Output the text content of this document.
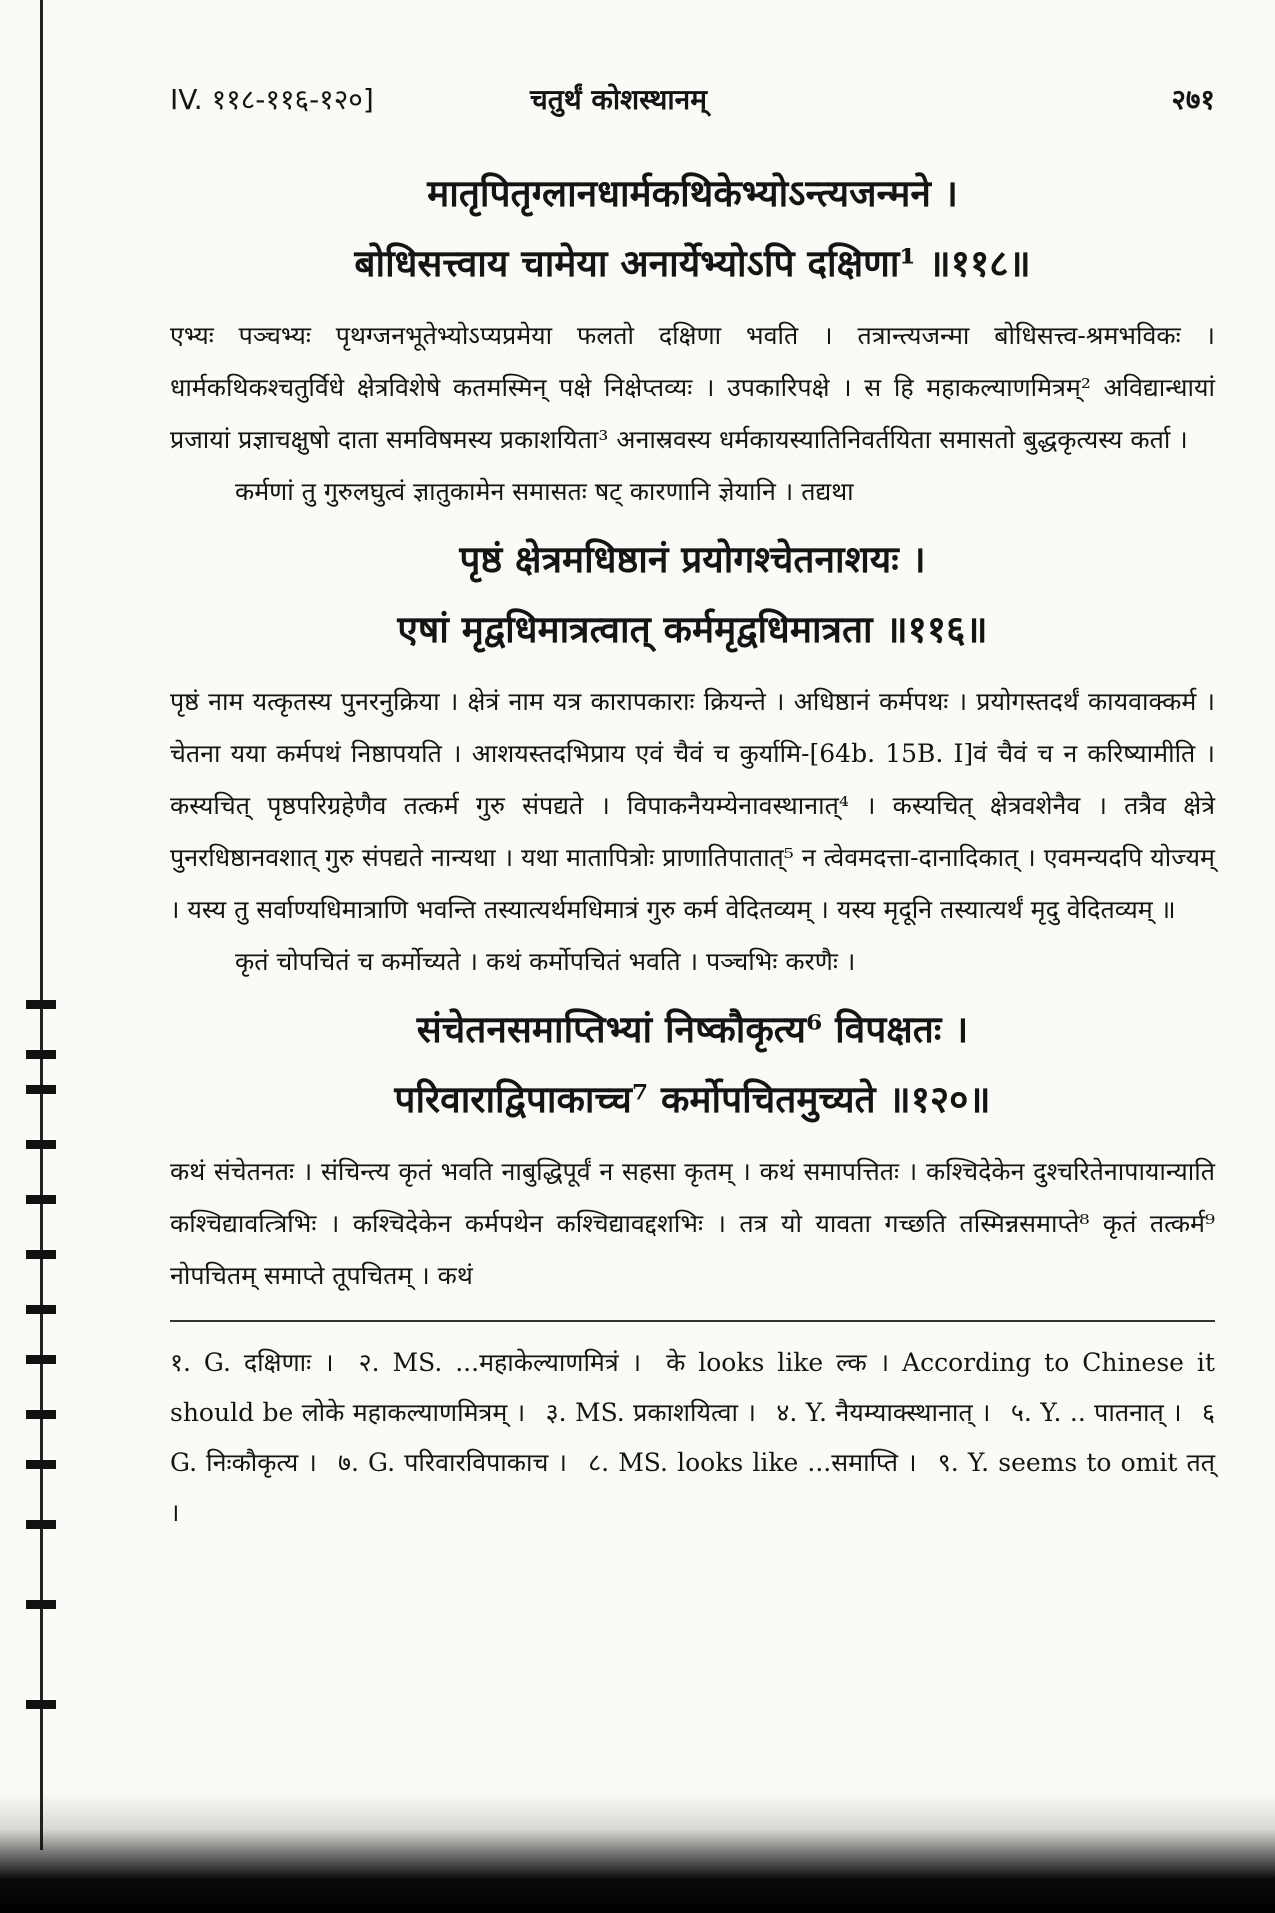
IV. ११८-११६-१२०]	चतुर्थं कोशस्थानम्	२७१

मातृपितृग्लानधार्मकथिकेभ्योऽन्त्यजन्मने ।
बोधिसत्त्वाय चामेया अनार्येभ्योऽपि दक्षिणा¹ ॥११८॥

एभ्यः पञ्चभ्यः पृथग्जनभूतेभ्योऽप्यप्रमेया फलतो दक्षिणा भवति । तत्रान्त्यजन्मा बोधिसत्त्व-श्रमभविकः । धार्मकथिकश्चतुर्विधे क्षेत्रविशेषे कतमस्मिन् पक्षे निक्षेप्तव्यः । उपकारिपक्षे । स हि महाकल्याणमित्रम्² अविद्यान्धायां प्रजायां प्रज्ञाचक्षुषो दाता समविषमस्य प्रकाशयिता³ अनास्रवस्य धर्मकायस्यातिनिवर्तयिता समासतो बुद्धकृत्यस्य कर्ता ।

कर्मणां तु गुरुलघुत्वं ज्ञातुकामेन समासतः षट् कारणानि ज्ञेयानि । तद्यथा

पृष्ठं क्षेत्रमधिष्ठानं प्रयोगश्चेतनाशयः ।
एषां मृद्वधिमात्रत्वात् कर्ममृद्वधिमात्रता ॥११६॥

पृष्ठं नाम यत्कृतस्य पुनरनुक्रिया । क्षेत्रं नाम यत्र कारापकाराः क्रियन्ते । अधिष्ठानं कर्मपथः । प्रयोगस्तदर्थं कायवाक्कर्म । चेतना यया कर्मपथं निष्ठापयति । आशयस्तदभिप्राय एवं चैवं च कुर्यामि-[64b. 15B. I]वं चैवं च न करिष्यामीति । कस्यचित् पृष्ठपरिग्रहेणैव तत्कर्म गुरु संपद्यते । विपाकनैयम्येनावस्थानात्⁴ । कस्यचित् क्षेत्रवशेनैव । तत्रैव क्षेत्रे पुनरधिष्ठानवशात् गुरु संपद्यते नान्यथा । यथा मातापित्रोः प्राणातिपातात्⁵ न त्वेवमदत्ता-दानादिकात् । एवमन्यदपि योज्यम् । यस्य तु सर्वाण्यधिमात्राणि भवन्ति तस्यात्यर्थमधिमात्रं गुरु कर्म वेदितव्यम् । यस्य मृदूनि तस्यात्यर्थं मृदु वेदितव्यम् ॥

कृतं चोपचितं च कर्मोच्यते । कथं कर्मोपचितं भवति । पञ्चभिः करणैः ।

संचेतनसमाप्तिभ्यां निष्कौकृत्य⁶ विपक्षतः ।
परिवाराद्विपाकाच्च⁷ कर्मोपचितमुच्यते ॥१२०॥

कथं संचेतनतः । संचिन्त्य कृतं भवति नाबुद्धिपूर्वं न सहसा कृतम् । कथं समापत्तितः । कश्चिदेकेन दुश्चरितेनापायान्याति कश्चिद्यावत्त्रिभिः । कश्चिदेकेन कर्मपथेन कश्चिद्यावद्दशभिः । तत्र यो यावता गच्छति तस्मिन्नसमाप्ते⁸ कृतं तत्कर्म⁹ नोपचितम् समाप्ते तूपचितम् । कथं

१. G. दक्षिणाः । २. MS. ...महाकेल्याणमित्रं । के looks like ल्क । According to Chinese it should be लोके महाकल्याणमित्रम् । ३. MS. प्रकाशयित्वा । ४. Y. नैयम्याक्स्थानात् । ५. Y. .. पातनात् । ६ G. निःकौकृत्य । ७. G. परिवारविपाकाच । ८. MS. looks like ...समाप्ति । ९. Y. seems to omit तत् ।
